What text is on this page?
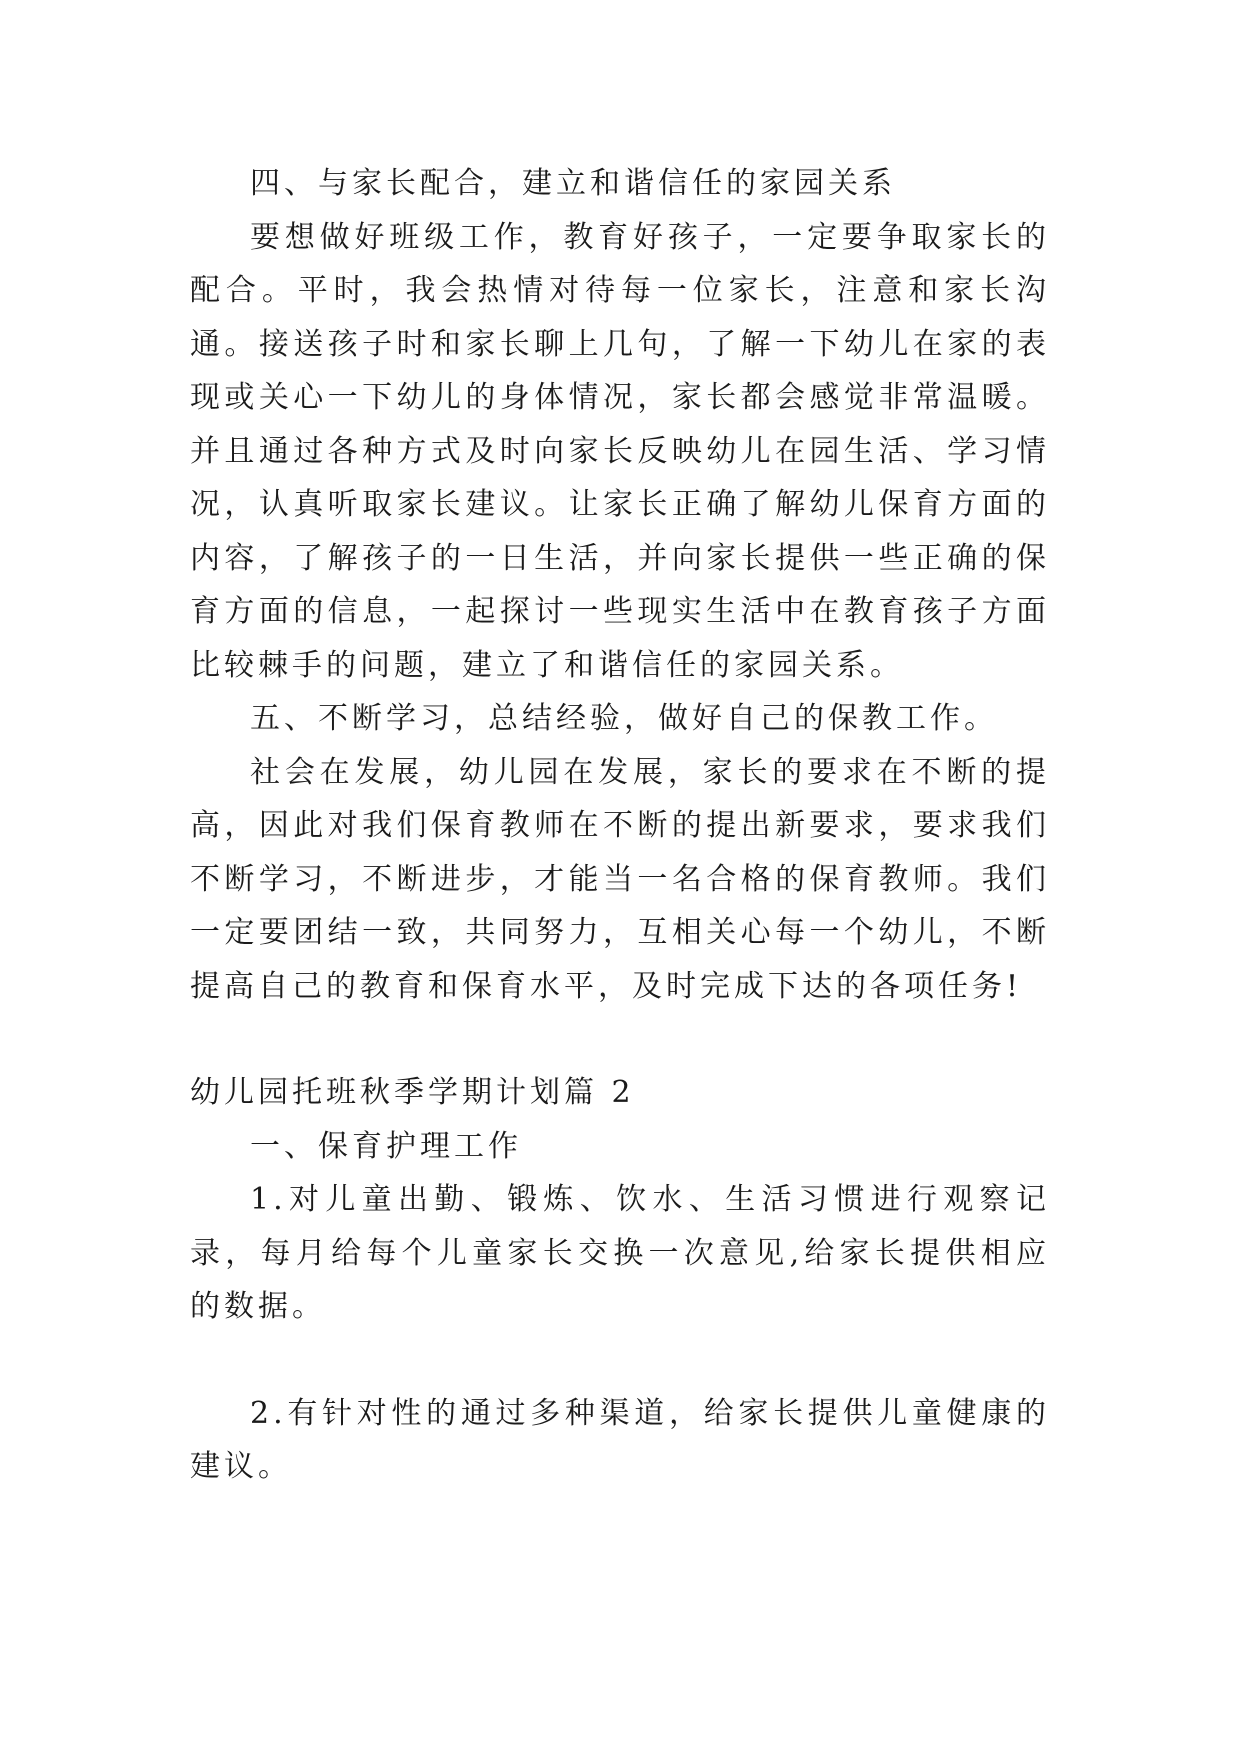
四、与家长配合，建立和谐信任的家园关系

要想做好班级工作，教育好孩子，一定要争取家长的配合。平时，我会热情对待每一位家长，注意和家长沟通。接送孩子时和家长聊上几句，了解一下幼儿在家的表现或关心一下幼儿的身体情况，家长都会感觉非常温暖。并且通过各种方式及时向家长反映幼儿在园生活、学习情况，认真听取家长建议。让家长正确了解幼儿保育方面的内容，了解孩子的一日生活，并向家长提供一些正确的保育方面的信息，一起探讨一些现实生活中在教育孩子方面比较棘手的问题，建立了和谐信任的家园关系。

五、不断学习，总结经验，做好自己的保教工作。

社会在发展，幼儿园在发展，家长的要求在不断的提高，因此对我们保育教师在不断的提出新要求，要求我们不断学习，不断进步，才能当一名合格的保育教师。我们一定要团结一致，共同努力，互相关心每一个幼儿，不断提高自己的教育和保育水平，及时完成下达的各项任务!

幼儿园托班秋季学期计划篇 2

一、保育护理工作

1.对儿童出勤、锻炼、饮水、生活习惯进行观察记录，每月给每个儿童家长交换一次意见,给家长提供相应的数据。

2.有针对性的通过多种渠道，给家长提供儿童健康的建议。
